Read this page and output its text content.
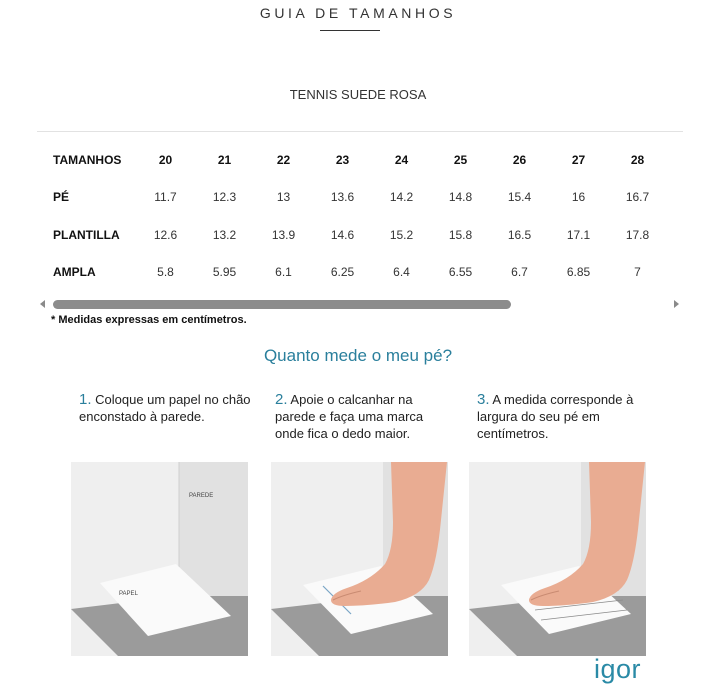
GUIA DE TAMANHOS
TENNIS SUEDE ROSA
TAMANHOS	20	21	22	23	24	25	26	27	28
PÉ	11.7	12.3	13	13.6	14.2	14.8	15.4	16	16.7
PLANTILLA	12.6	13.2	13.9	14.6	15.2	15.8	16.5	17.1	17.8
AMPLA	5.8	5.95	6.1	6.25	6.4	6.55	6.7	6.85	7
* Medidas expressas em centímetros.
Quanto mede o meu pé?
1. Coloque um papel no chão enconstado à parede.
2. Apoie o calcanhar na parede e faça uma marca onde fica o dedo maior.
3. A medida corresponde à largura do seu pé em centímetros.
PAREDE
PAPEL
igor
